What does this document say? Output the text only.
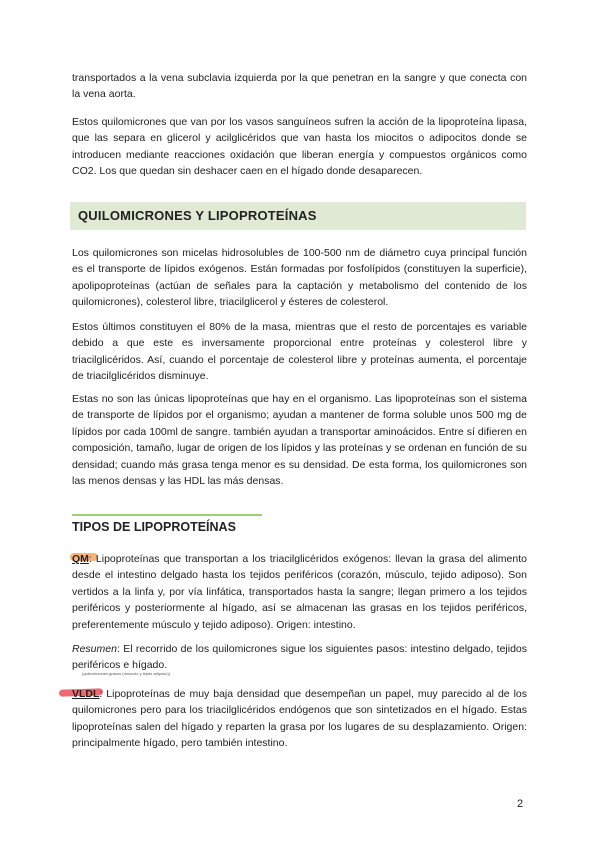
transportados a la vena subclavia izquierda por la que penetran en la sangre y que conecta con la vena aorta.

Estos quilomicrones que van por los vasos sanguíneos sufren la acción de la lipoproteína lipasa, que las separa en glicerol y acilglicéridos que van hasta los miocitos o adipocitos donde se introducen mediante reacciones oxidación que liberan energía y compuestos orgánicos como CO2. Los que quedan sin deshacer caen en el hígado donde desaparecen.

QUILOMICRONES Y LIPOPROTEÍNAS

Los quilomicrones son micelas hidrosolubles de 100-500 nm de diámetro cuya principal función es el transporte de lípidos exógenos. Están formadas por fosfolípidos (constituyen la superficie), apolipoproteínas (actúan de señales para la captación y metabolismo del contenido de los quilomicrones), colesterol libre, triacilglicerol y ésteres de colesterol.

Estos últimos constituyen el 80% de la masa, mientras que el resto de porcentajes es variable debido a que este es inversamente proporcional entre proteínas y colesterol libre y triacilglicéridos. Así, cuando el porcentaje de colesterol libre y proteínas aumenta, el porcentaje de triacilglicéridos disminuye.

Estas no son las únicas lipoproteínas que hay en el organismo. Las lipoproteínas son el sistema de transporte de lípidos por el organismo; ayudan a mantener de forma soluble unos 500 mg de lípidos por cada 100ml de sangre. también ayudan a transportar aminoácidos. Entre sí difieren en composición, tamaño, lugar de origen de los lípidos y las proteínas y se ordenan en función de su densidad; cuando más grasa tenga menor es su densidad. De esta forma, los quilomicrones son las menos densas y las HDL las más densas.

TIPOS DE LIPOPROTEÍNAS

QM: Lipoproteínas que transportan a los triacilglicéridos exógenos: llevan la grasa del alimento desde el intestino delgado hasta los tejidos periféricos (corazón, músculo, tejido adiposo). Son vertidos a la linfa y, por vía linfática, transportados hasta la sangre; llegan primero a los tejidos periféricos y posteriormente al hígado, así se almacenan las grasas en los tejidos periféricos, preferentemente músculo y tejido adiposo). Origen: intestino.

Resumen: El recorrido de los quilomicrones sigue los siguientes pasos: intestino delgado, tejidos periféricos e hígado.

(quilomicrones grasos (músculo y tejido adiposo))

VLDL: Lipoproteínas de muy baja densidad que desempeñan un papel, muy parecido al de los quilomicrones pero para los triacilglicéridos endógenos que son sintetizados en el hígado. Estas lipoproteínas salen del hígado y reparten la grasa por los lugares de su desplazamiento. Origen: principalmente hígado, pero también intestino.

2
